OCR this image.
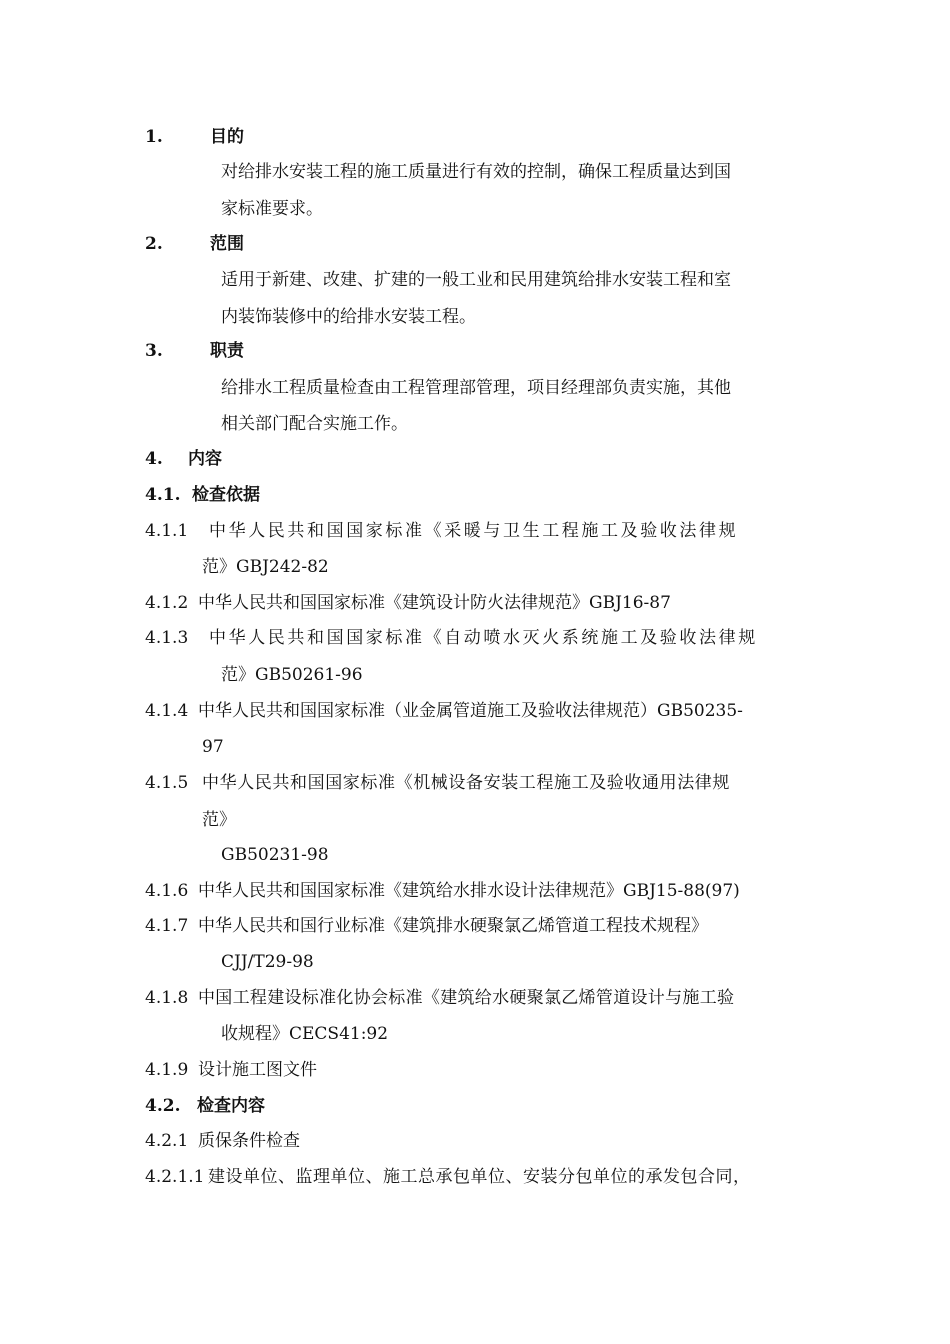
1.	目的
对给排水安装工程的施工质量进行有效的控制，确保工程质量达到国
家标准要求。
2.	范围
适用于新建、改建、扩建的一般工业和民用建筑给排水安装工程和室
内装饰装修中的给排水安装工程。
3.	职责
给排水工程质量检查由工程管理部管理，项目经理部负责实施，其他
相关部门配合实施工作。
4. 内容
4.1. 检查依据
4.1.1 中华人民共和国国家标准《采暖与卫生工程施工及验收法律规
范》GBJ242-82
4.1.2 中华人民共和国国家标准《建筑设计防火法律规范》GBJ16-87
4.1.3 中华人民共和国国家标准《自动喷水灭火系统施工及验收法律规
范》GB50261-96
4.1.4 中华人民共和国国家标准（业金属管道施工及验收法律规范）GB50235-
97
4.1.5 中华人民共和国国家标准《机械设备安装工程施工及验收通用法律规
范》
GB50231-98
4.1.6 中华人民共和国国家标准《建筑给水排水设计法律规范》GBJ15-88(97)
4.1.7 中华人民共和国行业标准《建筑排水硬聚氯乙烯管道工程技术规程》
CJJ/T29-98
4.1.8 中国工程建设标准化协会标准《建筑给水硬聚氯乙烯管道设计与施工验
收规程》CECS41:92
4.1.9 设计施工图文件
4.2. 检查内容
4.2.1 质保条件检查
4.2.1.1 建设单位、监理单位、施工总承包单位、安装分包单位的承发包合同，
